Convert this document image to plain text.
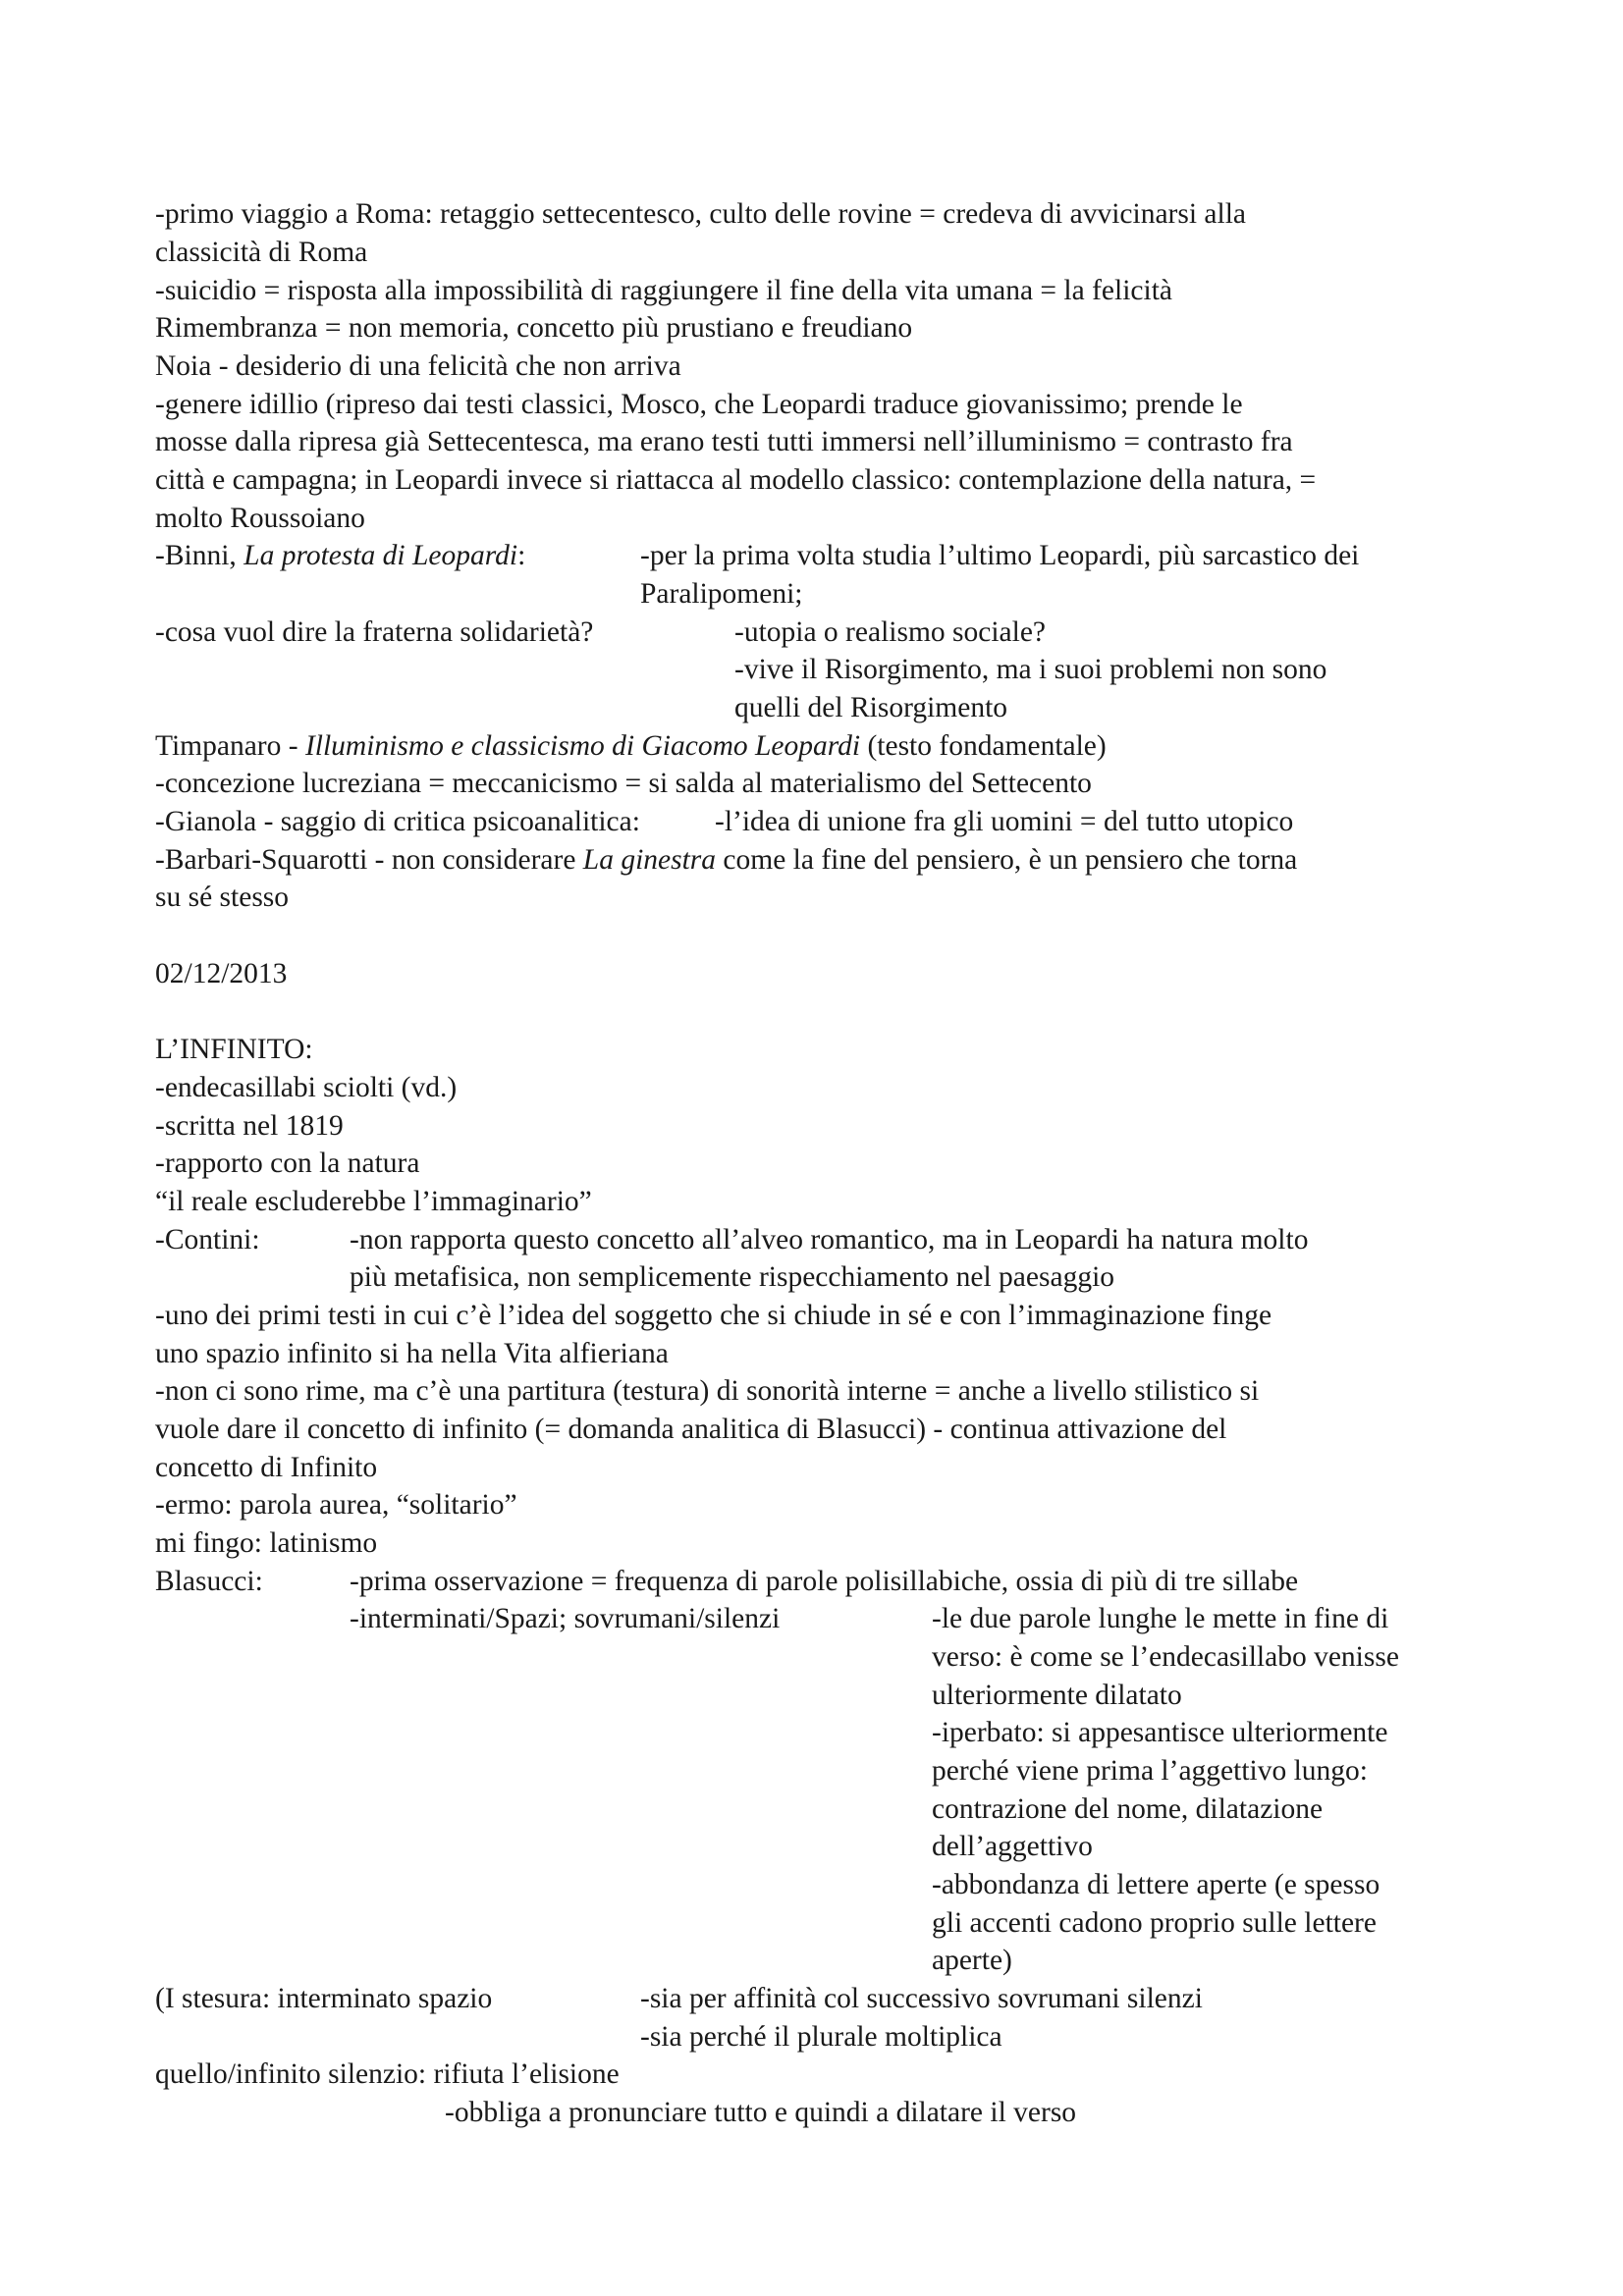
-primo viaggio a Roma: retaggio settecentesco, culto delle rovine = credeva di avvicinarsi alla
classicità di Roma
-suicidio = risposta alla impossibilità di raggiungere il fine della vita umana = la felicità
Rimembranza = non memoria, concetto più prustiano e freudiano
Noia - desiderio di una felicità che non arriva
-genere idillio (ripreso dai testi classici, Mosco, che Leopardi traduce giovanissimo; prende le
mosse dalla ripresa già Settecentesca, ma erano testi tutti immersi nell’illuminismo = contrasto fra
città e campagna; in Leopardi invece si riattacca al modello classico: contemplazione della natura, =
molto Roussoiano
-Binni, La protesta di Leopardi:	-per la prima volta studia l’ultimo Leopardi, più sarcastico dei
Paralipomeni;
-cosa vuol dire la fraterna solidarietà?	-utopia o realismo sociale?
-vive il Risorgimento, ma i suoi problemi non sono
quelli del Risorgimento
Timpanaro - Illuminismo e classicismo di Giacomo Leopardi (testo fondamentale)
-concezione lucreziana = meccanicismo = si salda al materialismo del Settecento
-Gianola - saggio di critica psicoanalitica:	-l’idea di unione fra gli uomini = del tutto utopico
-Barbari-Squarotti - non considerare La ginestra come la fine del pensiero, è un pensiero che torna
su sé stesso
02/12/2013
L’INFINITO:
-endecasillabi sciolti (vd.)
-scritta nel 1819
-rapporto con la natura
“il reale escluderebbe l’immaginario”
-Contini:	-non rapporta questo concetto all’alveo romantico, ma in Leopardi ha natura molto
più metafisica, non semplicemente rispecchiamento nel paesaggio
-uno dei primi testi in cui c’è l’idea del soggetto che si chiude in sé e con l’immaginazione finge
uno spazio infinito si ha nella Vita alfieriana
-non ci sono rime, ma c’è una partitura (testura) di sonorità interne = anche a livello stilistico si
vuole dare il concetto di infinito (= domanda analitica di Blasucci) - continua attivazione del
concetto di Infinito
-ermo: parola aurea, “solitario”
mi fingo: latinismo
Blasucci:	-prima osservazione = frequenza di parole polisillabiche, ossia di più di tre sillabe
-interminati/Spazi; sovrumani/silenzi	-le due parole lunghe le mette in fine di
verso: è come se l’endecasillabo venisse
ulteriormente dilatato
-iperbato: si appesantisce ulteriormente
perché viene prima l’aggettivo lungo:
contrazione del nome, dilatazione
dell’aggettivo
-abbondanza di lettere aperte (e spesso
gli accenti cadono proprio sulle lettere
aperte)
(I stesura: interminato spazio	-sia per affinità col successivo sovrumani silenzi
-sia perché il plurale moltiplica
quello/infinito silenzio: rifiuta l’elisione
-obbliga a pronunciare tutto e quindi a dilatare il verso
